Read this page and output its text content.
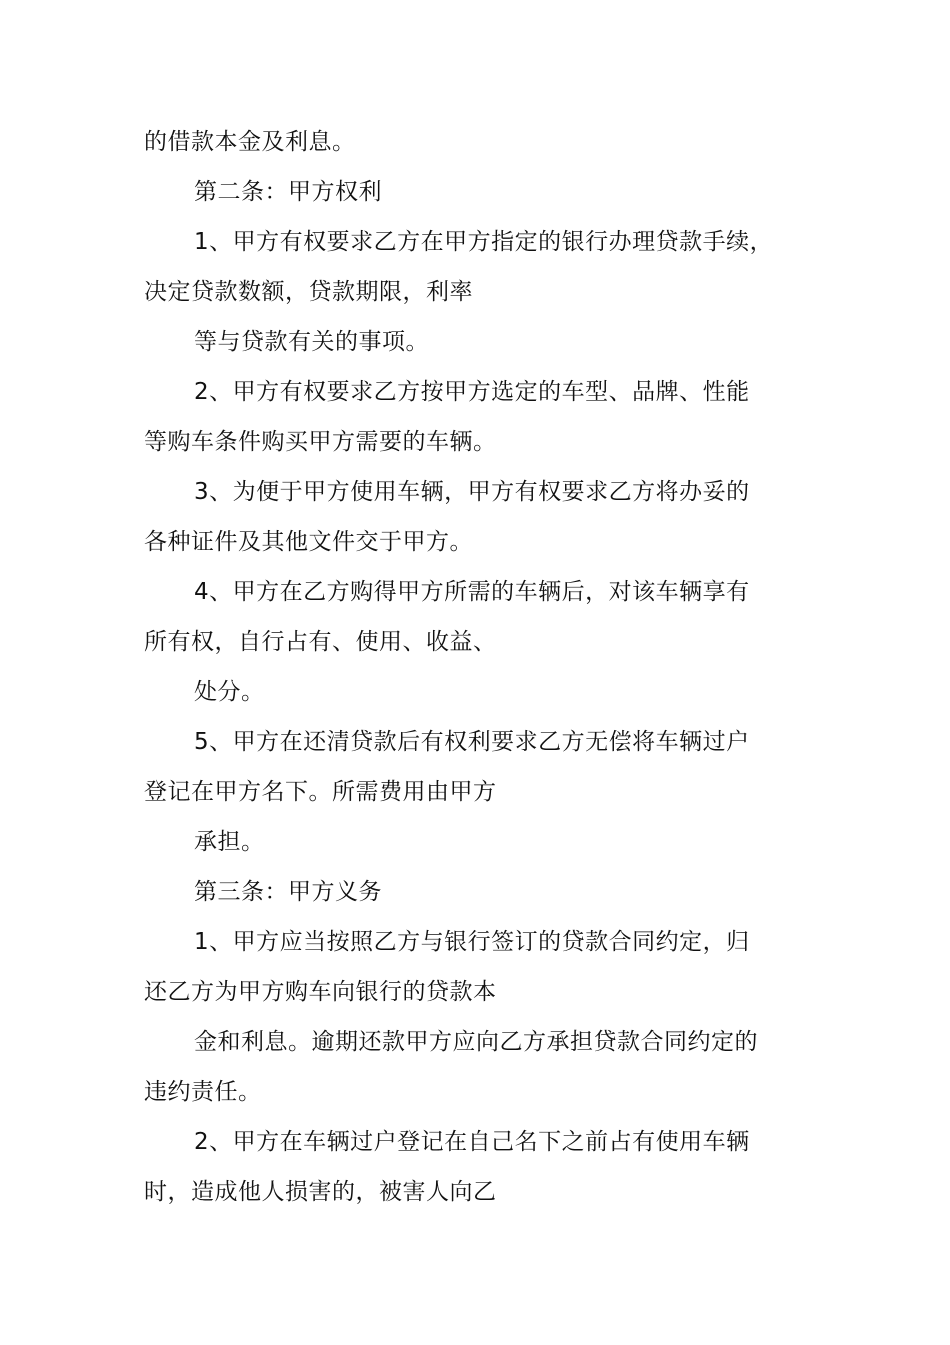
的借款本金及利息。
第二条：甲方权利
1、甲方有权要求乙方在甲方指定的银行办理贷款手续，
决定贷款数额，贷款期限，利率
等与贷款有关的事项。
2、甲方有权要求乙方按甲方选定的车型、品牌、性能
等购车条件购买甲方需要的车辆。
3、为便于甲方使用车辆，甲方有权要求乙方将办妥的
各种证件及其他文件交于甲方。
4、甲方在乙方购得甲方所需的车辆后，对该车辆享有
所有权，自行占有、使用、收益、
处分。
5、甲方在还清贷款后有权利要求乙方无偿将车辆过户
登记在甲方名下。所需费用由甲方
承担。
第三条：甲方义务
1、甲方应当按照乙方与银行签订的贷款合同约定，归
还乙方为甲方购车向银行的贷款本
金和利息。逾期还款甲方应向乙方承担贷款合同约定的
违约责任。
2、甲方在车辆过户登记在自己名下之前占有使用车辆
时，造成他人损害的，被害人向乙
